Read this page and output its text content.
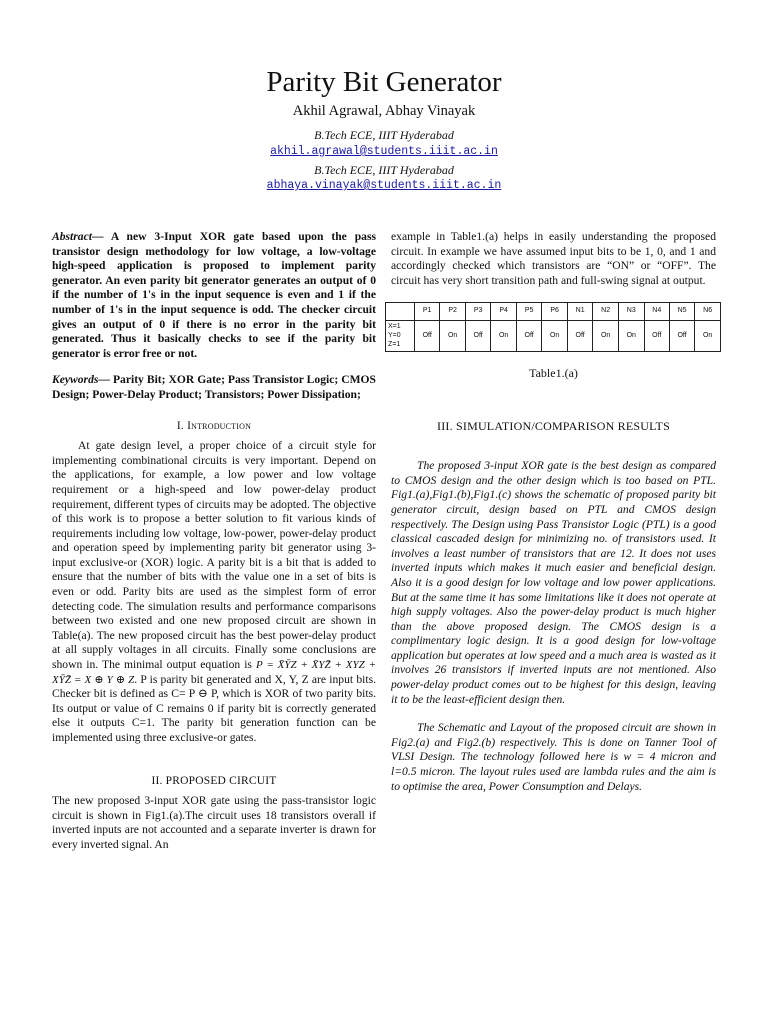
Parity Bit Generator
Akhil Agrawal, Abhay Vinayak
B.Tech ECE, IIIT Hyderabad
akhil.agrawal@students.iiit.ac.in
B.Tech ECE, IIIT Hyderabad
abhaya.vinayak@students.iiit.ac.in

Abstract— A new 3-Input XOR gate based upon the pass transistor design methodology for low voltage, a low-voltage high-speed application is proposed to implement parity generator. An even parity bit generator generates an output of 0 if the number of 1's in the input sequence is even and 1 if the number of 1's in the input sequence is odd. The checker circuit gives an output of 0 if there is no error in the parity bit generated. Thus it basically checks to see if the parity bit generator is error free or not.

Keywords— Parity Bit; XOR Gate; Pass Transistor Logic; CMOS Design; Power-Delay Product; Transistors; Power Dissipation;

I. Introduction

At gate design level, a proper choice of a circuit style for implementing combinational circuits is very important. Depend on the applications, for example, a low power and low voltage requirement or a high-speed and low power-delay product requirement, different types of circuits may be adopted. The objective of this work is to propose a better solution to fit various kinds of requirements including low voltage, low-power, power-delay product and operation speed by implementing parity bit generator using 3-input exclusive-or (XOR) logic. A parity bit is a bit that is added to ensure that the number of bits with the value one in a set of bits is even or odd. Parity bits are used as the simplest form of error detecting code. The simulation results and performance comparisons between two existed and one new proposed circuit are shown in Table(a). The new proposed circuit has the best power-delay product at all supply voltages in all circuits. Finally some conclusions are shown in. The minimal output equation is P = X̄ȲZ + X̄YZ̄ + XYZ + XȲZ̄ = X ⊕ Y ⊕ Z. P is parity bit generated and X, Y, Z are input bits. Checker bit is defined as C= P ⊖ P, which is XOR of two parity bits. Its output or value of C remains 0 if parity bit is correctly generated else it outputs C=1. The parity bit generation function can be implemented using three exclusive-or gates.

II. PROPOSED CIRCUIT

The new proposed 3-input XOR gate using the pass-transistor logic circuit is shown in Fig1.(a).The circuit uses 18 transistors overall if inverted inputs are not accounted and a separate inverter is drawn for every inverted signal. An

example in Table1.(a) helps in easily understanding the proposed circuit. In example we have assumed input bits to be 1, 0, and 1 and accordingly checked which transistors are “ON” or “OFF”. The circuit has very short transition path and full-swing signal at output.

	P1	P2	P3	P4	P5	P6	N1	N2	N3	N4	N5	N6
X=1
Y=0
Z=1	Off	On	Off	On	Off	On	Off	On	On	Off	Off	On
Table1.(a)
III. SIMULATION/COMPARISON RESULTS

The proposed 3-input XOR gate is the best design as compared to CMOS design and the other design which is too based on PTL. Fig1.(a),Fig1.(b),Fig1.(c) shows the schematic of proposed parity bit generator circuit, design based on PTL and CMOS design respectively. The Design using Pass Transistor Logic (PTL) is a good classical cascaded design for minimizing no. of transistors used. It involves a least number of transistors that are 12. It does not uses inverted inputs which makes it much easier and beneficial design. Also it is a good design for low voltage and low power applications. But at the same time it has some limitations like it does not operate at high supply voltages. Also the power-delay product is much higher than the above proposed design. The CMOS design is a complimentary logic design. It is a good design for low-voltage application but operates at low speed and a much area is wasted as it involves 26 transistors if inverted inputs are not mentioned. Also power-delay product comes out to be highest for this design, leaving it to be the least-efficient design then.

The Schematic and Layout of the proposed circuit are shown in Fig2.(a) and Fig2.(b) respectively. This is done on Tanner Tool of VLSI Design. The technology followed here is w = 4 micron and l=0.5 micron. The layout rules used are lambda rules and the aim is to optimise the area, Power Consumption and Delays.
